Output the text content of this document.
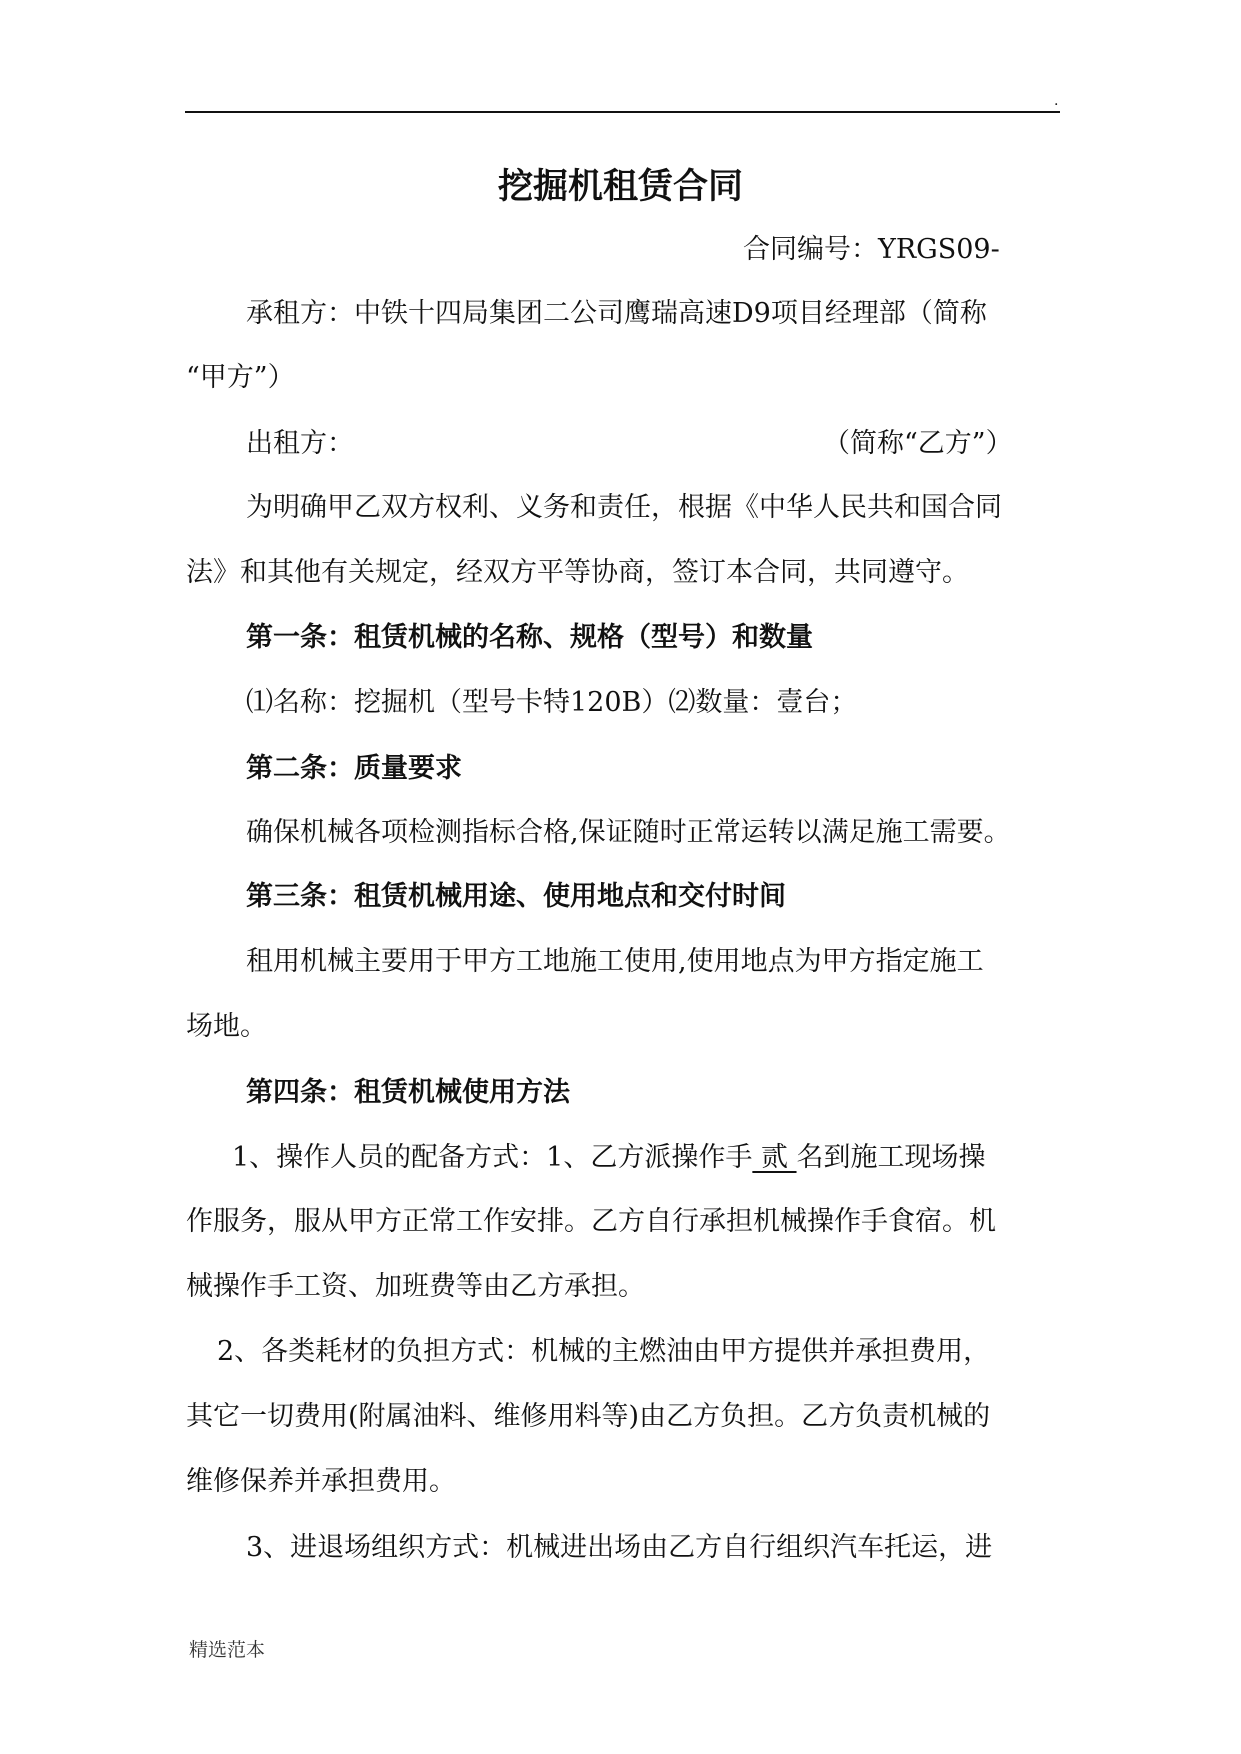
.
挖掘机租赁合同
合同编号：YRGS09-
承租方：中铁十四局集团二公司鹰瑞高速D9项目经理部（简称
“甲方”）
出租方：	（简称“乙方”）
为明确甲乙双方权利、义务和责任，根据《中华人民共和国合同
法》和其他有关规定，经双方平等协商，签订本合同，共同遵守。
第一条：租赁机械的名称、规格（型号）和数量
⑴名称：挖掘机（型号卡特120B）⑵数量：壹台；
第二条：质量要求
确保机械各项检测指标合格,保证随时正常运转以满足施工需要。
第三条：租赁机械用途、使用地点和交付时间
租用机械主要用于甲方工地施工使用,使用地点为甲方指定施工
场地。
第四条：租赁机械使用方法
1、操作人员的配备方式：1、乙方派操作手 贰 名到施工现场操
作服务，服从甲方正常工作安排。乙方自行承担机械操作手食宿。机
械操作手工资、加班费等由乙方承担。
2、各类耗材的负担方式：机械的主燃油由甲方提供并承担费用，
其它一切费用(附属油料、维修用料等)由乙方负担。乙方负责机械的
维修保养并承担费用。
3、进退场组织方式：机械进出场由乙方自行组织汽车托运，进
精选范本
